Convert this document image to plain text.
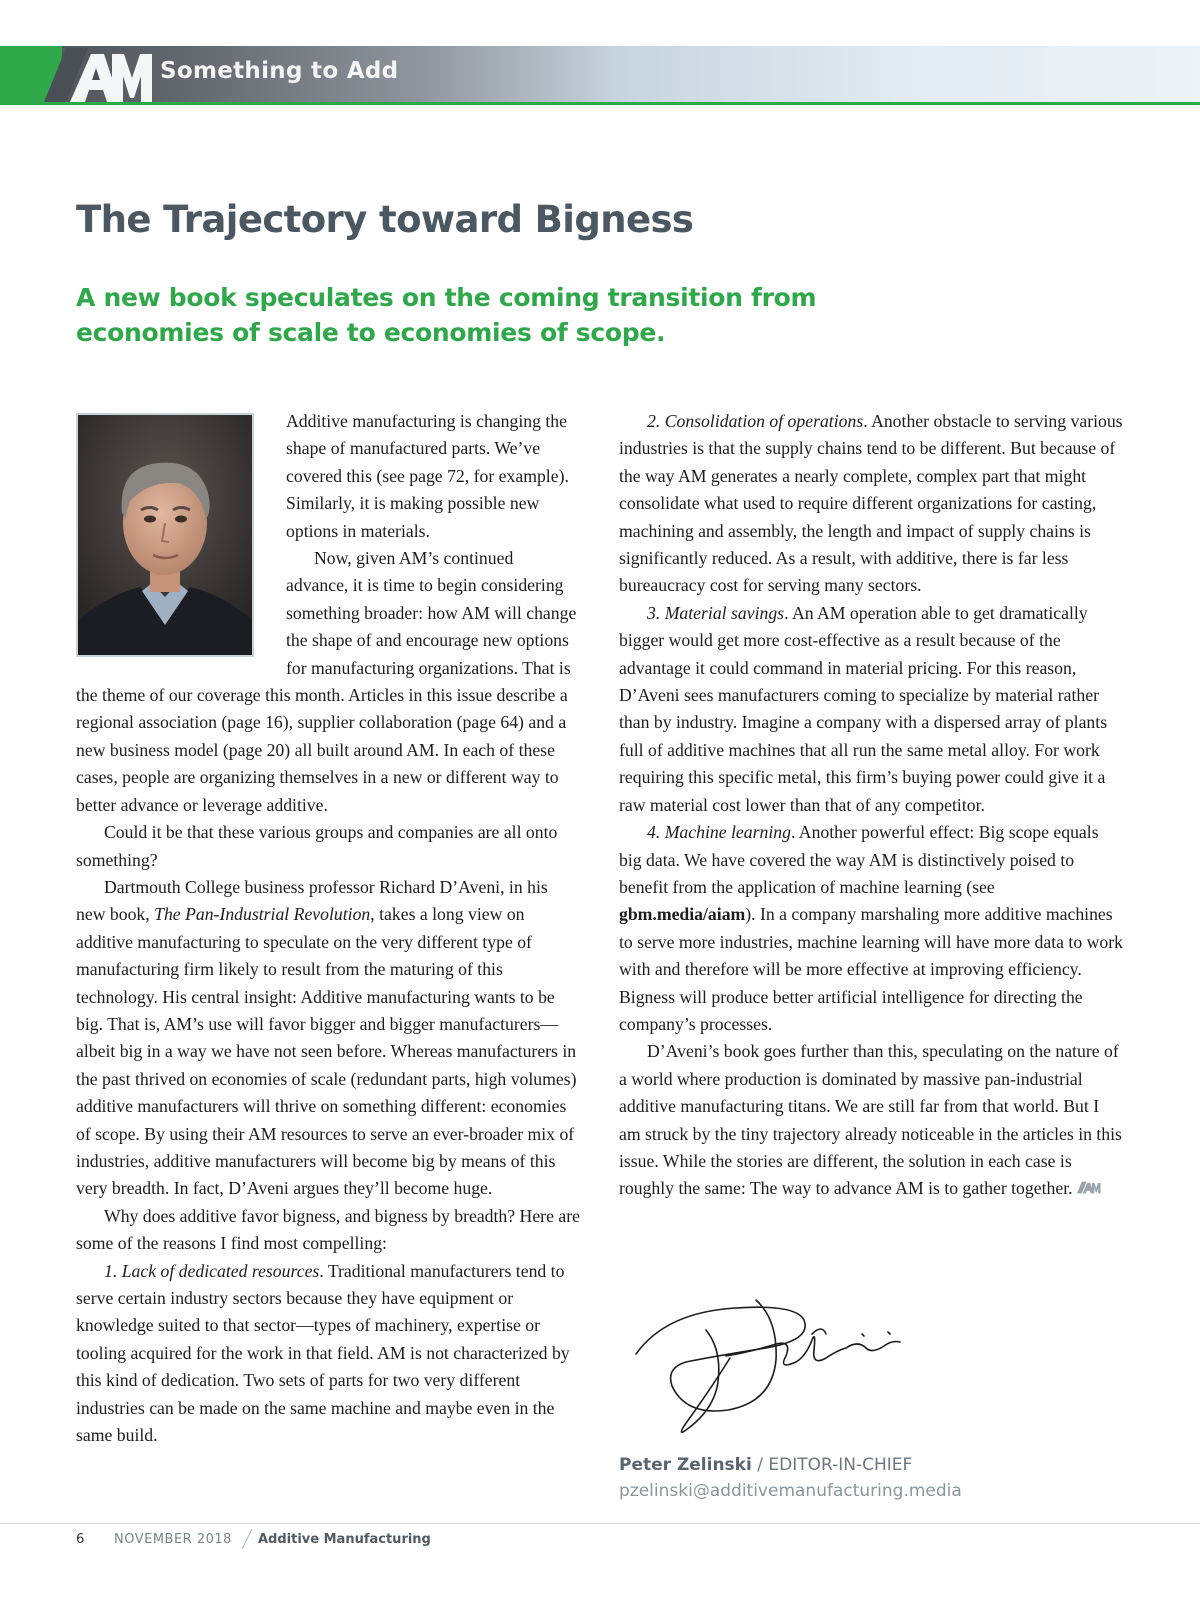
Something to Add
The Trajectory toward Bigness
A new book speculates on the coming transition from economies of scale to economies of scope.

Additive manufacturing is changing the shape of manufactured parts. We’ve covered this (see page 72, for example). Similarly, it is making possible new options in materials.

Now, given AM’s continued advance, it is time to begin considering something broader: how AM will change the shape of and encourage new options for manufacturing organizations. That is the theme of our coverage this month. Articles in this issue describe a regional association (page 16), supplier collaboration (page 64) and a new business model (page 20) all built around AM. In each of these cases, people are organizing themselves in a new or different way to better advance or leverage additive.

Could it be that these various groups and companies are all onto something?

Dartmouth College business professor Richard D’Aveni, in his new book, The Pan-Industrial Revolution, takes a long view on additive manufacturing to speculate on the very different type of manufacturing firm likely to result from the maturing of this technology. His central insight: Additive manufacturing wants to be big. That is, AM’s use will favor bigger and bigger manufacturers—albeit big in a way we have not seen before. Whereas manufacturers in the past thrived on economies of scale (redundant parts, high volumes) additive manufacturers will thrive on something different: economies of scope. By using their AM resources to serve an ever-broader mix of industries, additive manufacturers will become big by means of this very breadth. In fact, D’Aveni argues they’ll become huge.

Why does additive favor bigness, and bigness by breadth? Here are some of the reasons I find most compelling:

1. Lack of dedicated resources. Traditional manufacturers tend to serve certain industry sectors because they have equipment or knowledge suited to that sector—types of machinery, expertise or tooling acquired for the work in that field. AM is not characterized by this kind of dedication. Two sets of parts for two very different industries can be made on the same machine and maybe even in the same build.

2. Consolidation of operations. Another obstacle to serving various industries is that the supply chains tend to be different. But because of the way AM generates a nearly complete, complex part that might consolidate what used to require different organizations for casting, machining and assembly, the length and impact of supply chains is significantly reduced. As a result, with additive, there is far less bureaucracy cost for serving many sectors.

3. Material savings. An AM operation able to get dramatically bigger would get more cost-effective as a result because of the advantage it could command in material pricing. For this reason, D’Aveni sees manufacturers coming to specialize by material rather than by industry. Imagine a company with a dispersed array of plants full of additive machines that all run the same metal alloy. For work requiring this specific metal, this firm’s buying power could give it a raw material cost lower than that of any competitor.

4. Machine learning. Another powerful effect: Big scope equals big data. We have covered the way AM is distinctively poised to benefit from the application of machine learning (see gbm.media/aiam). In a company marshaling more additive machines to serve more industries, machine learning will have more data to work with and therefore will be more effective at improving efficiency. Bigness will produce better artificial intelligence for directing the company’s processes.

D’Aveni’s book goes further than this, speculating on the nature of a world where production is dominated by massive pan-industrial additive manufacturing titans. We are still far from that world. But I am struck by the tiny trajectory already noticeable in the articles in this issue. While the stories are different, the solution in each case is roughly the same: The way to advance AM is to gather together.

Peter Zelinski / EDITOR-IN-CHIEF
pzelinski@additivemanufacturing.media
6 NOVEMBER 2018 Additive Manufacturing
